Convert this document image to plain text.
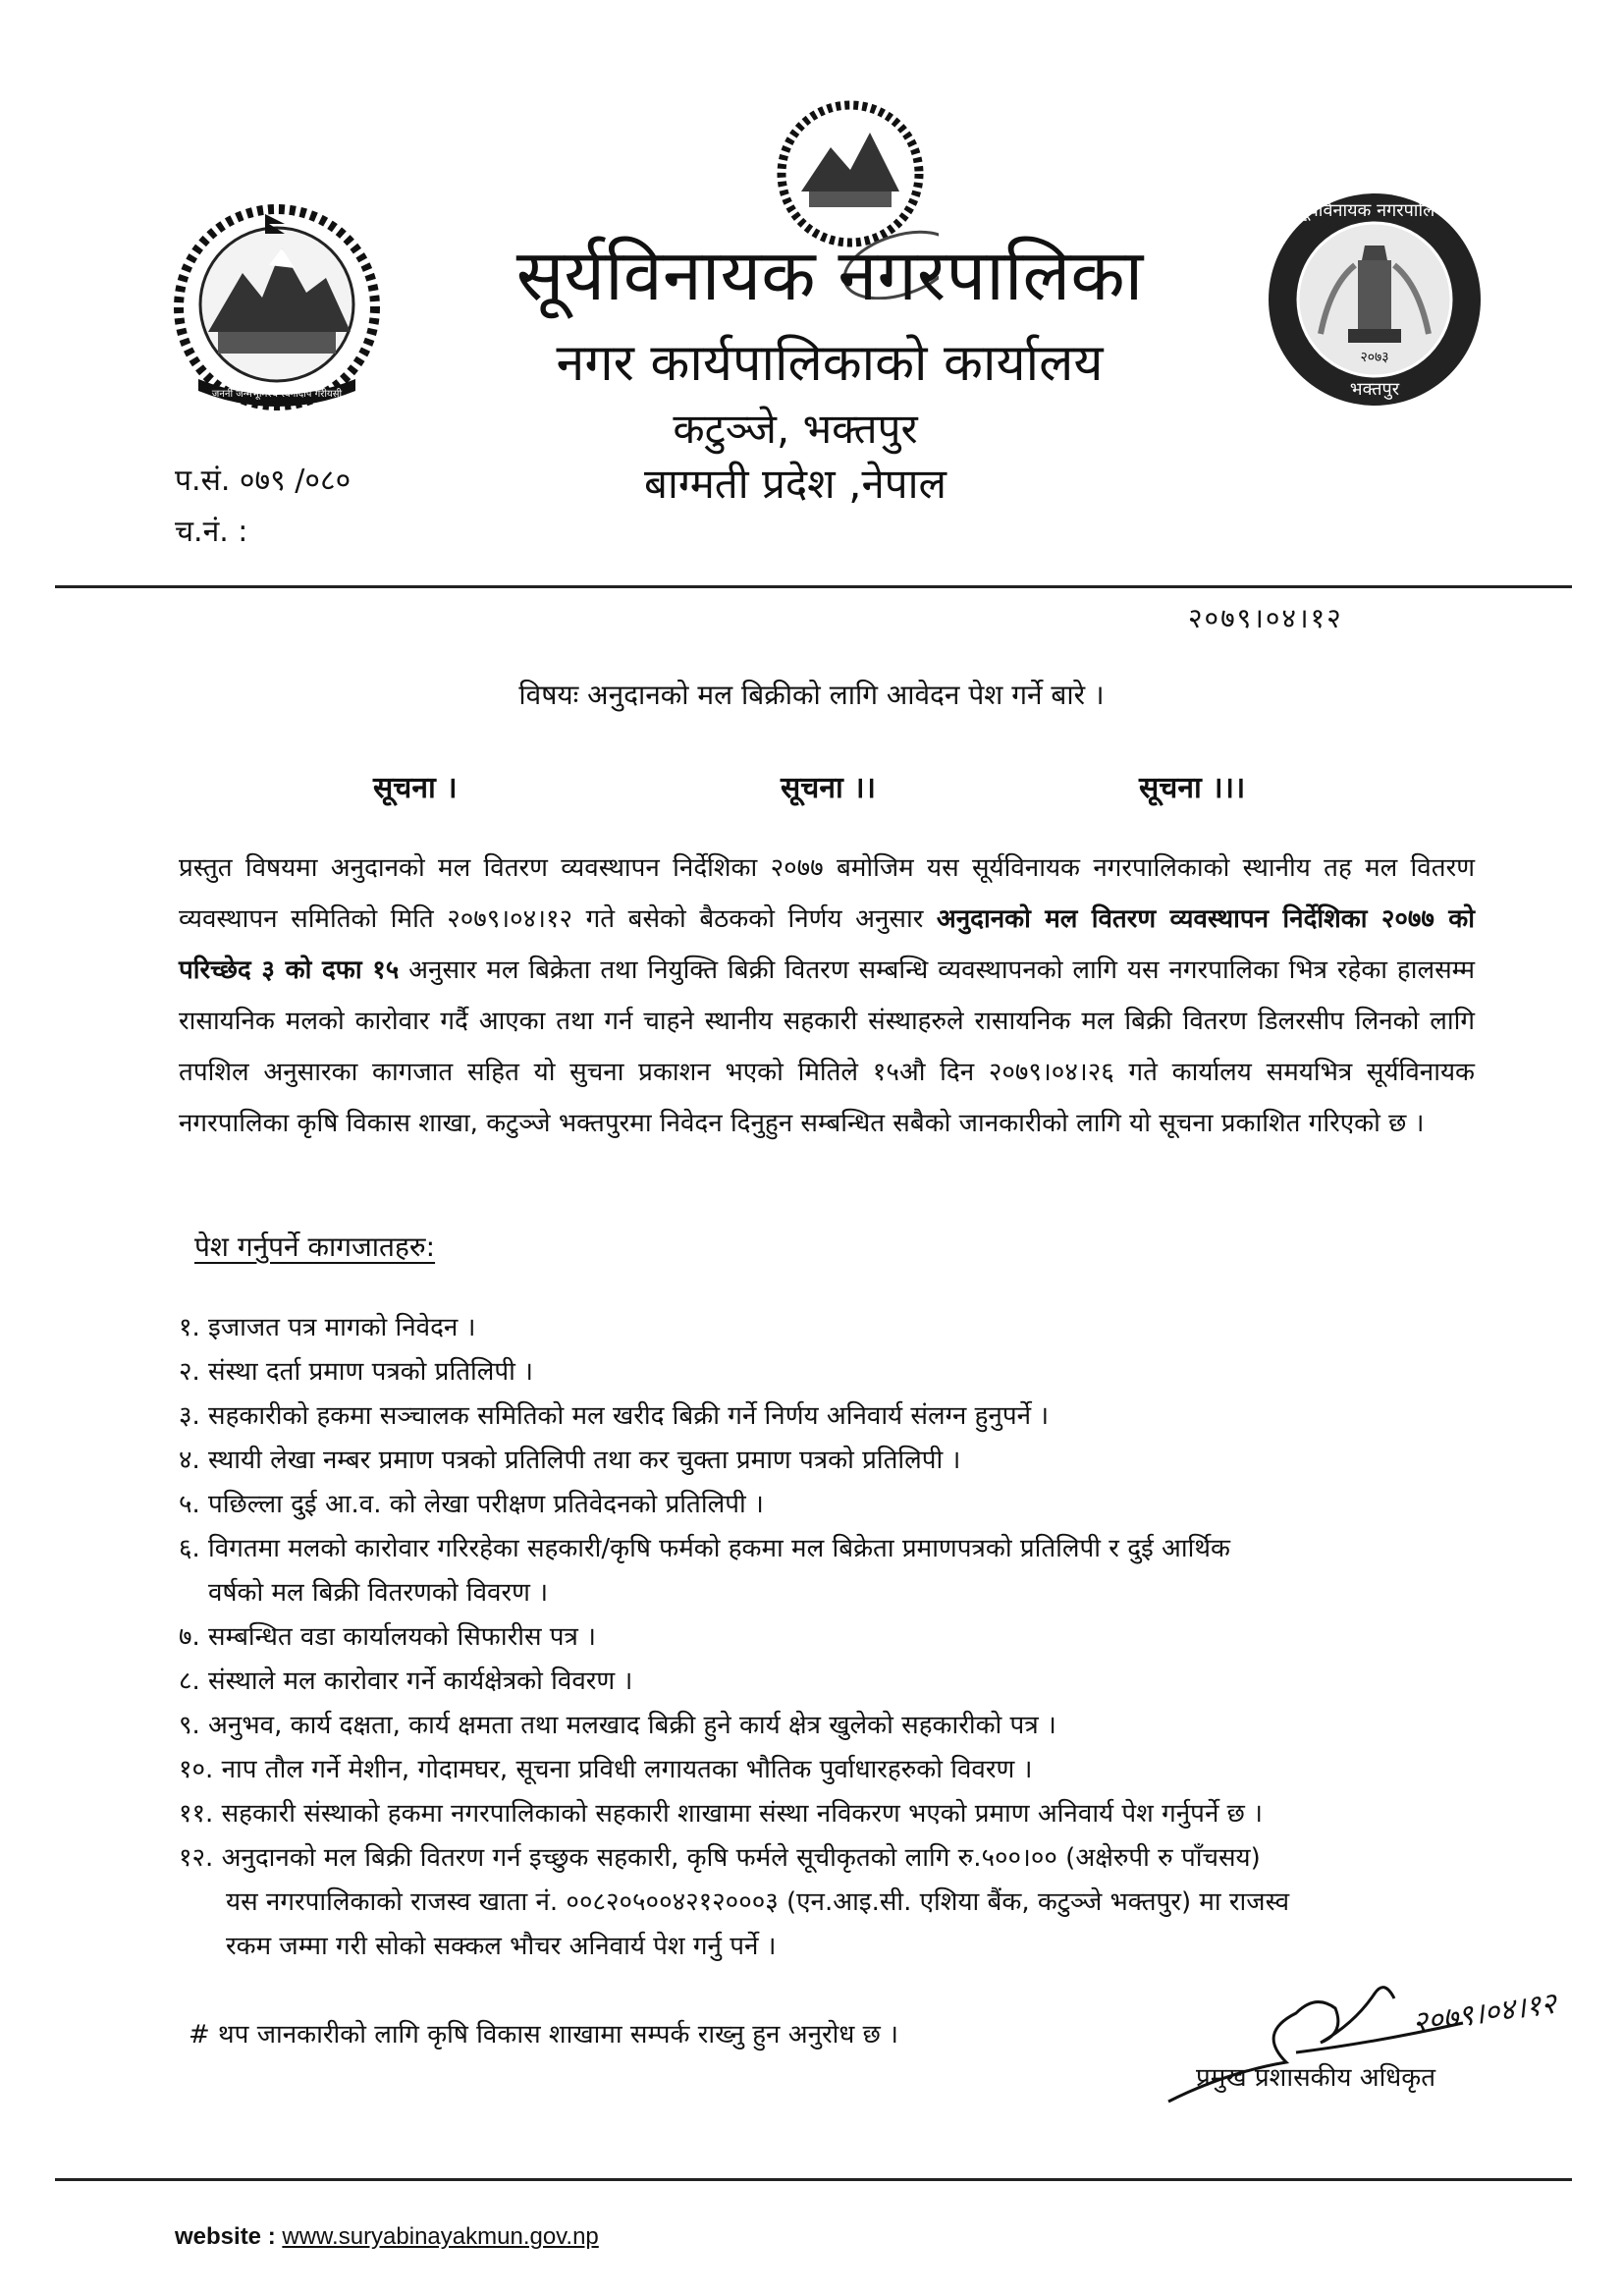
जननी जन्मभूमिश्च स्वर्गादपि गरीयसी
२०७३
सूर्यविनायक नगरपालिका
भक्तपुर
सूर्यविनायक नगरपालिका
नगर कार्यपालिकाको कार्यालय
कटुञ्जे, भक्तपुर
बाग्मती प्रदेश ,नेपाल
प.सं. ०७९ /०८०
च.नं. :
२०७९।०४।१२
विषयः अनुदानको मल बिक्रीको लागि आवेदन पेश गर्ने बारे ।
सूचना ।	सूचना ।।	सूचना ।।।
प्रस्तुत विषयमा अनुदानको मल वितरण व्यवस्थापन निर्देशिका २०७७ बमोजिम यस सूर्यविनायक नगरपालिकाको स्थानीय तह मल वितरण व्यवस्थापन समितिको मिति २०७९।०४।१२ गते बसेको बैठकको निर्णय अनुसार अनुदानको मल वितरण व्यवस्थापन निर्देशिका २०७७ को परिच्छेद ३ को दफा १५ अनुसार मल बिक्रेता तथा नियुक्ति बिक्री वितरण सम्बन्धि व्यवस्थापनको लागि यस नगरपालिका भित्र रहेका हालसम्म रासायनिक मलको कारोवार गर्दै आएका तथा गर्न चाहने स्थानीय सहकारी संस्थाहरुले रासायनिक मल बिक्री वितरण डिलरसीप लिनको लागि तपशिल अनुसारका कागजात सहित यो सुचना प्रकाशन भएको मितिले १५औ दिन २०७९।०४।२६ गते कार्यालय समयभित्र सूर्यविनायक नगरपालिका कृषि विकास शाखा, कटुञ्जे भक्तपुरमा निवेदन दिनुहुन सम्बन्धित सबैको जानकारीको लागि यो सूचना प्रकाशित गरिएको छ ।
पेश गर्नुपर्ने कागजातहरु:
१. इजाजत पत्र मागको निवेदन ।
२. संस्था दर्ता प्रमाण पत्रको प्रतिलिपी ।
३. सहकारीको हकमा सञ्चालक समितिको मल खरीद बिक्री गर्ने निर्णय अनिवार्य संलग्न हुनुपर्ने ।
४. स्थायी लेखा नम्बर प्रमाण पत्रको प्रतिलिपी तथा कर चुक्ता प्रमाण पत्रको प्रतिलिपी ।
५. पछिल्ला दुई आ.व. को लेखा परीक्षण प्रतिवेदनको प्रतिलिपी ।
६. विगतमा मलको कारोवार गरिरहेका सहकारी/कृषि फर्मको हकमा मल बिक्रेता प्रमाणपत्रको प्रतिलिपी र दुई आर्थिक
वर्षको मल बिक्री वितरणको विवरण ।
७. सम्बन्धित वडा कार्यालयको सिफारीस पत्र ।
८. संस्थाले मल कारोवार गर्ने कार्यक्षेत्रको विवरण ।
९. अनुभव, कार्य दक्षता, कार्य क्षमता तथा मलखाद बिक्री हुने कार्य क्षेत्र खुलेको सहकारीको पत्र ।
१०. नाप तौल गर्ने मेशीन, गोदामघर, सूचना प्रविधी लगायतका भौतिक पुर्वाधारहरुको विवरण ।
११. सहकारी संस्थाको हकमा नगरपालिकाको सहकारी शाखामा संस्था नविकरण भएको प्रमाण अनिवार्य पेश गर्नुपर्ने छ ।
१२. अनुदानको मल बिक्री वितरण गर्न इच्छुक सहकारी, कृषि फर्मले सूचीकृतको लागि रु.५००।०० (अक्षेरुपी रु पाँचसय)
यस नगरपालिकाको राजस्व खाता नं. ००८२०५००४२१२०००३ (एन.आइ.सी. एशिया बैंक, कटुञ्जे भक्तपुर) मा राजस्व
रकम जम्मा गरी सोको सक्कल भौचर अनिवार्य पेश गर्नु पर्ने ।
# थप जानकारीको लागि कृषि विकास शाखामा सम्पर्क राख्नु हुन अनुरोध छ ।	२०७९।०४।१२
प्रमुख प्रशासकीय अधिकृत
website : www.suryabinayakmun.gov.np
